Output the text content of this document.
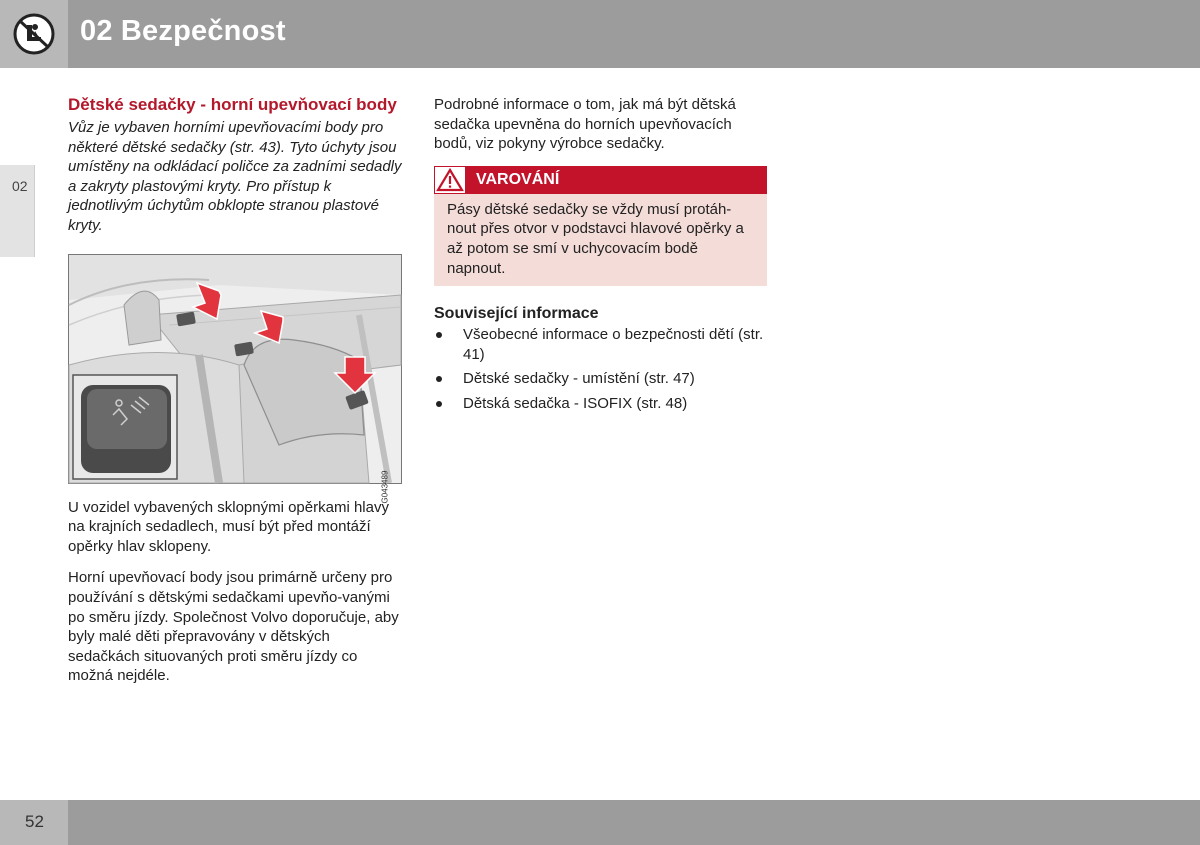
02 Bezpečnost
02
Dětské sedačky - horní upevňovací body

Vůz je vybaven horními upevňovacími body pro některé dětské sedačky (str. 43). Tyto úchyty jsou umístěny na odkládací poličce za zadními sedadly a zakryty plastovými kryty. Pro přístup k jednotlivým úchytům obklopte stranou plastové kryty.

G043489

U vozidel vybavených sklopnými opěrkami hlavy na krajních sedadlech, musí být před montáží opěrky hlav sklopeny.

Horní upevňovací body jsou primárně určeny pro používání s dětskými sedačkami upevňo-vanými po směru jízdy. Společnost Volvo doporučuje, aby byly malé děti přepravovány v dětských sedačkách situovaných proti směru jízdy co možná nejdéle.

Podrobné informace o tom, jak má být dětská sedačka upevněna do horních upevňovacích bodů, viz pokyny výrobce sedačky.

VAROVÁNÍ

Pásy dětské sedačky se vždy musí protáh-nout přes otvor v podstavci hlavové opěrky a až potom se smí v uchycovacím bodě napnout.

Související informace
Všeobecné informace o bezpečnosti dětí (str. 41)
Dětské sedačky - umístění (str. 47)
Dětská sedačka - ISOFIX (str. 48)
52
